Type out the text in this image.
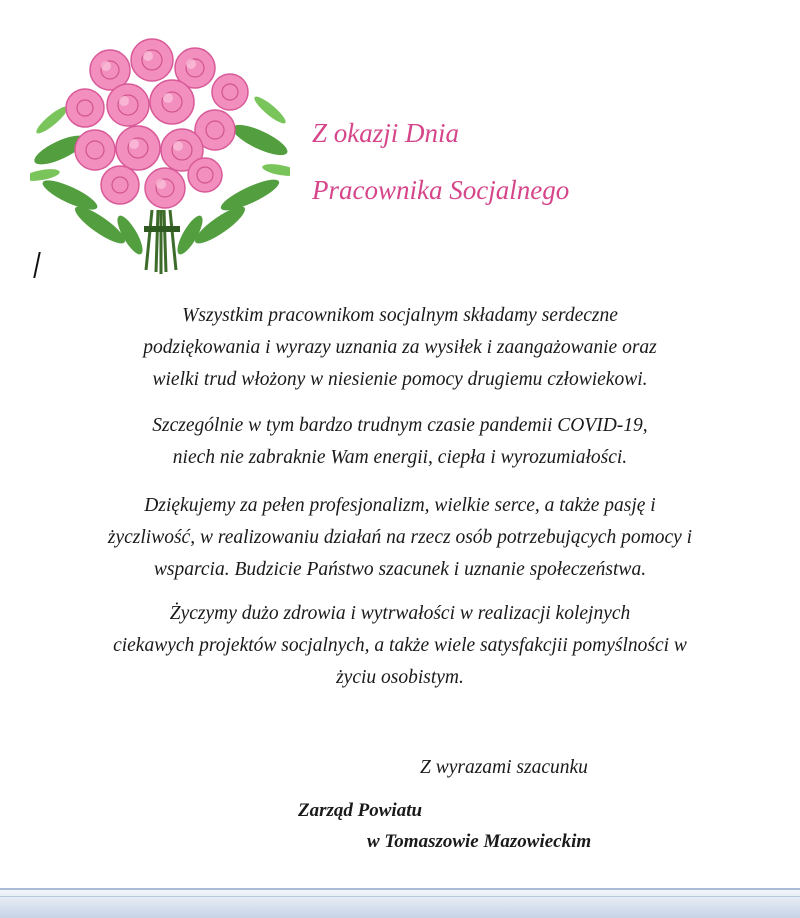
Z okazji Dnia
Pracownika Socjalnego

Wszystkim pracownikom socjalnym składamy serdeczne
podziękowania i wyrazy uznania za wysiłek i zaangażowanie oraz
wielki trud włożony w niesienie pomocy drugiemu człowiekowi.

Szczególnie w tym bardzo trudnym czasie pandemii COVID-19,
niech nie zabraknie Wam energii, ciepła i wyrozumiałości.

Dziękujemy za pełen profesjonalizm, wielkie serce, a także pasję i
życzliwość, w realizowaniu działań na rzecz osób potrzebujących pomocy i
wsparcia. Budzicie Państwo szacunek i uznanie społeczeństwa.

Życzymy dużo zdrowia i wytrwałości w realizacji kolejnych
ciekawych projektów socjalnych, a także wiele satysfakcjii pomyślności w
życiu osobistym.

Z wyrazami szacunku
Zarząd Powiatu
w Tomaszowie Mazowieckim
